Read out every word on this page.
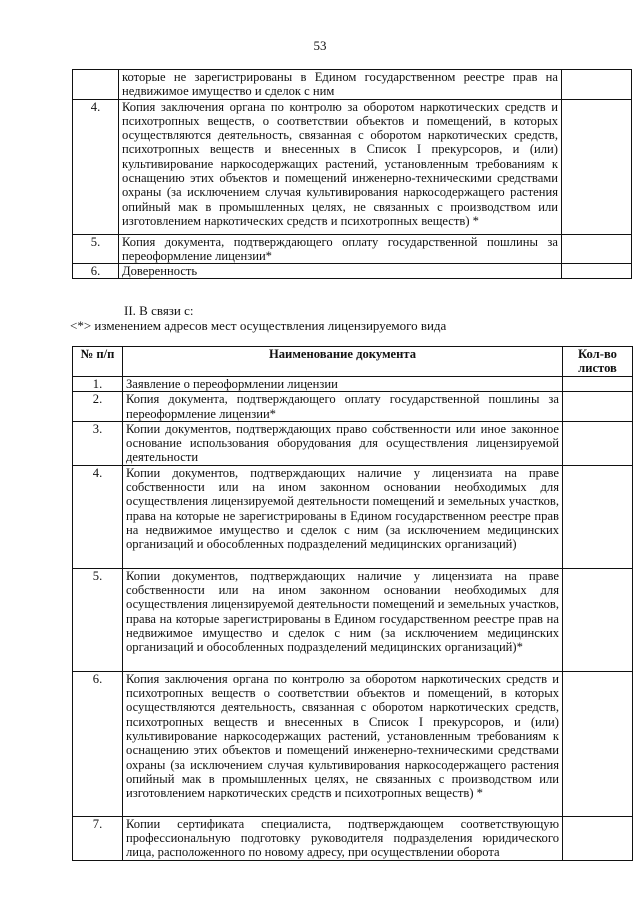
53
	которые не зарегистрированы в Едином государственном реестре прав на недвижимое имущество и сделок с ним	
4.	Копия заключения органа по контролю за оборотом наркотических средств и психотропных веществ, о соответствии объектов и помещений, в которых осуществляются деятельность, связанная с оборотом наркотических средств, психотропных веществ и внесенных в Список I прекурсоров, и (или) культивирование наркосодержащих растений, установленным требованиям к оснащению этих объектов и помещений инженерно-техническими средствами охраны (за исключением случая культивирования наркосодержащего растения опийный мак в промышленных целях, не связанных с производством или изготовлением наркотических средств и психотропных веществ) *	
5.	Копия документа, подтверждающего оплату государственной пошлины за переоформление лицензии*	
6.	Доверенность	
II. В связи с:
<*> изменением адресов мест осуществления лицензируемого вида
№ п/п	Наименование документа	Кол-во листов
1.	Заявление о переоформлении лицензии	
2.	Копия документа, подтверждающего оплату государственной пошлины за переоформление лицензии*	
3.	Копии документов, подтверждающих право собственности или иное законное основание использования оборудования для осуществления лицензируемой деятельности	
4.	Копии документов, подтверждающих наличие у лицензиата на праве собственности или на ином законном основании необходимых для осуществления лицензируемой деятельности помещений и земельных участков, права на которые не зарегистрированы в Едином государственном реестре прав на недвижимое имущество и сделок с ним (за исключением медицинских организаций и обособленных подразделений медицинских организаций)	
5.	Копии документов, подтверждающих наличие у лицензиата на праве собственности или на ином законном основании необходимых для осуществления лицензируемой деятельности помещений и земельных участков, права на которые зарегистрированы в Едином государственном реестре прав на недвижимое имущество и сделок с ним (за исключением медицинских организаций и обособленных подразделений медицинских организаций)*	
6.	Копия заключения органа по контролю за оборотом наркотических средств и психотропных веществ о соответствии объектов и помещений, в которых осуществляются деятельность, связанная с оборотом наркотических средств, психотропных веществ и внесенных в Список I прекурсоров, и (или) культивирование наркосодержащих растений, установленным требованиям к оснащению этих объектов и помещений инженерно-техническими средствами охраны (за исключением случая культивирования наркосодержащего растения опийный мак в промышленных целях, не связанных с производством или изготовлением наркотических средств и психотропных веществ) *	
7.	Копии сертификата специалиста, подтверждающем соответствующую профессиональную подготовку руководителя подразделения юридического лица, расположенного по новому адресу, при осуществлении оборота	
